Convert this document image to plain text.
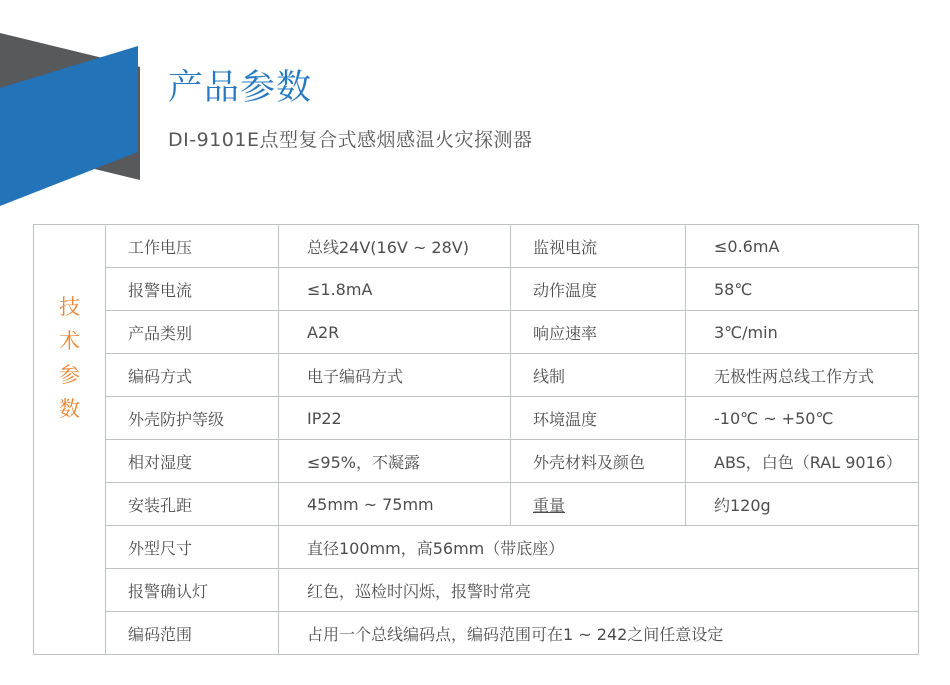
产品参数
DI-9101E点型复合式感烟感温火灾探测器
技
术
参
数	工作电压	总线24V(16V ~ 28V)	监视电流	≤0.6mA
	报警电流	≤1.8mA	动作温度	58℃
	产品类别	A2R	响应速率	3℃/min
	编码方式	电子编码方式	线制	无极性两总线工作方式
	外壳防护等级	IP22	环境温度	-10℃ ~ +50℃
	相对湿度	≤95%，不凝露	外壳材料及颜色	ABS，白色（RAL 9016）
	安装孔距	45mm ~ 75mm	重量	约120g
	外型尺寸	直径100mm，高56mm（带底座）		
	报警确认灯	红色，巡检时闪烁，报警时常亮		
	编码范围	占用一个总线编码点，编码范围可在1 ~ 242之间任意设定		
